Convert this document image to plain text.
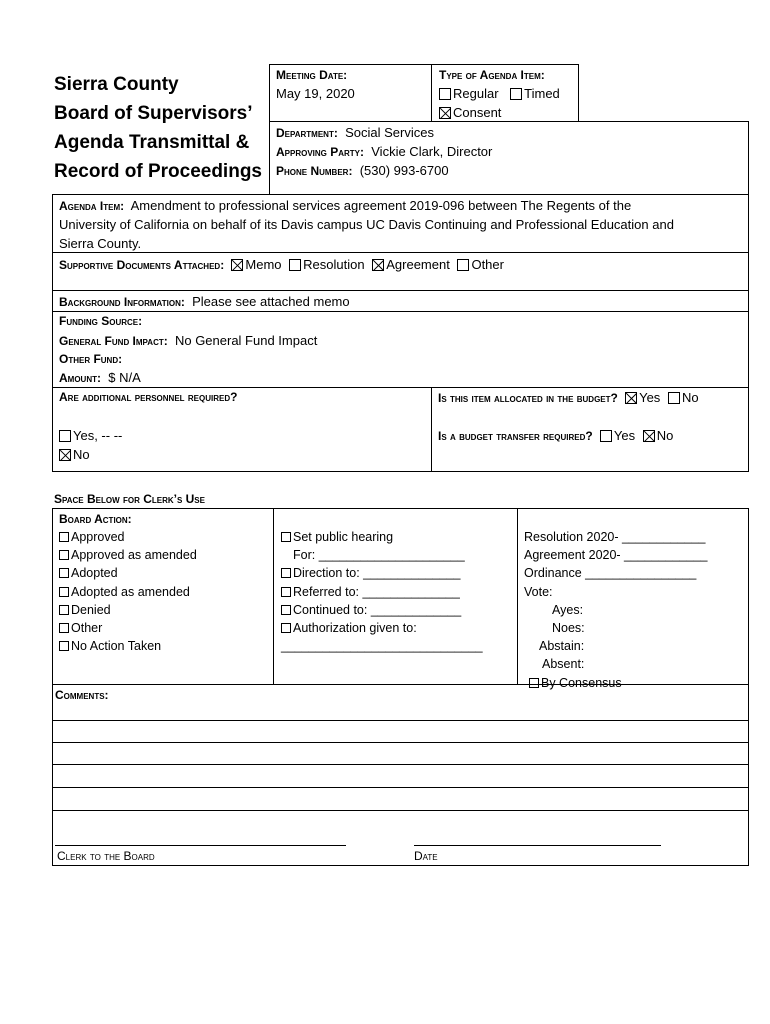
Sierra County
Board of Supervisors’
Agenda Transmittal &
Record of Proceedings
Meeting Date:
May 19, 2020
Type of Agenda Item:
Regular Timed
Consent
Department: Social Services
Approving Party: Vickie Clark, Director
Phone Number: (530) 993-6700
Agenda Item: Amendment to professional services agreement 2019-096 between The Regents of the
University of California on behalf of its Davis campus UC Davis Continuing and Professional Education and
Sierra County.
Supportive Documents Attached: Memo Resolution Agreement Other
Background Information: Please see attached memo
Funding Source:
General Fund Impact: No General Fund Impact
Other Fund:
Amount: $ N/A
Are additional personnel required?
Yes, -- --
No
Is this item allocated in the budget? Yes No
Is a budget transfer required? Yes No
Space Below for Clerk’s Use
Board Action:
Approved
Approved as amended
Adopted
Adopted as amended
Denied
Other
No Action Taken
Set public hearing
For: _____________________
Direction to: ______________
Referred to: ______________
Continued to: _____________
Authorization given to:
_____________________________
Resolution 2020- ____________
Agreement 2020- ____________
Ordinance ________________
Vote:
Ayes:
Noes:
Abstain:
Absent:
By Consensus
Comments:
Clerk to the Board	Date
